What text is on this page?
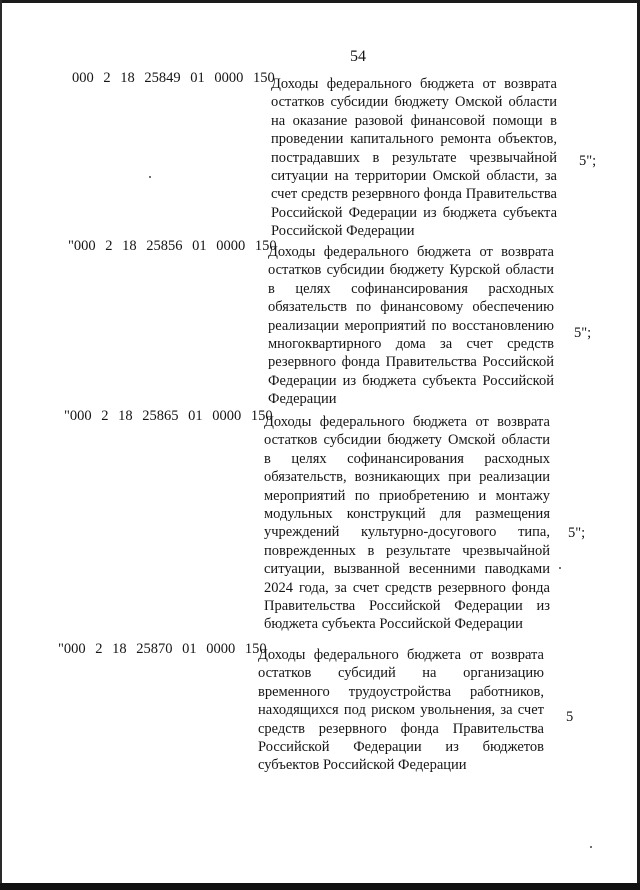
54
000 2 18 25849 01 0000 150
Доходы федерального бюджета от возврата остатков субсидии бюджету Омской области на оказание разовой финансовой помощи в проведении капитального ремонта объектов, пострадавших в результате чрезвычайной ситуации на территории Омской области, за счет средств резервного фонда Правительства Российской Федерации из бюджета субъекта Российской Федерации
5";
"000 2 18 25856 01 0000 150
Доходы федерального бюджета от возврата остатков субсидии бюджету Курской области в целях софинансирования расходных обязательств по финансовому обеспечению реализации мероприятий по восстановлению многоквартирного дома за счет средств резервного фонда Правительства Российской Федерации из бюджета субъекта Российской Федерации
5";
"000 2 18 25865 01 0000 150
Доходы федерального бюджета от возврата остатков субсидии бюджету Омской области в целях софинансирования расходных обязательств, возникающих при реализации мероприятий по приобретению и монтажу модульных конструкций для размещения учреждений культурно-досугового типа, поврежденных в результате чрезвычайной ситуации, вызванной весенними паводками 2024 года, за счет средств резервного фонда Правительства Российской Федерации из бюджета субъекта Российской Федерации
5";
"000 2 18 25870 01 0000 150
Доходы федерального бюджета от возврата остатков субсидий на организацию временного трудоустройства работников, находящихся под риском увольнения, за счет средств резервного фонда Правительства Российской Федерации из бюджетов субъектов Российской Федерации
5
